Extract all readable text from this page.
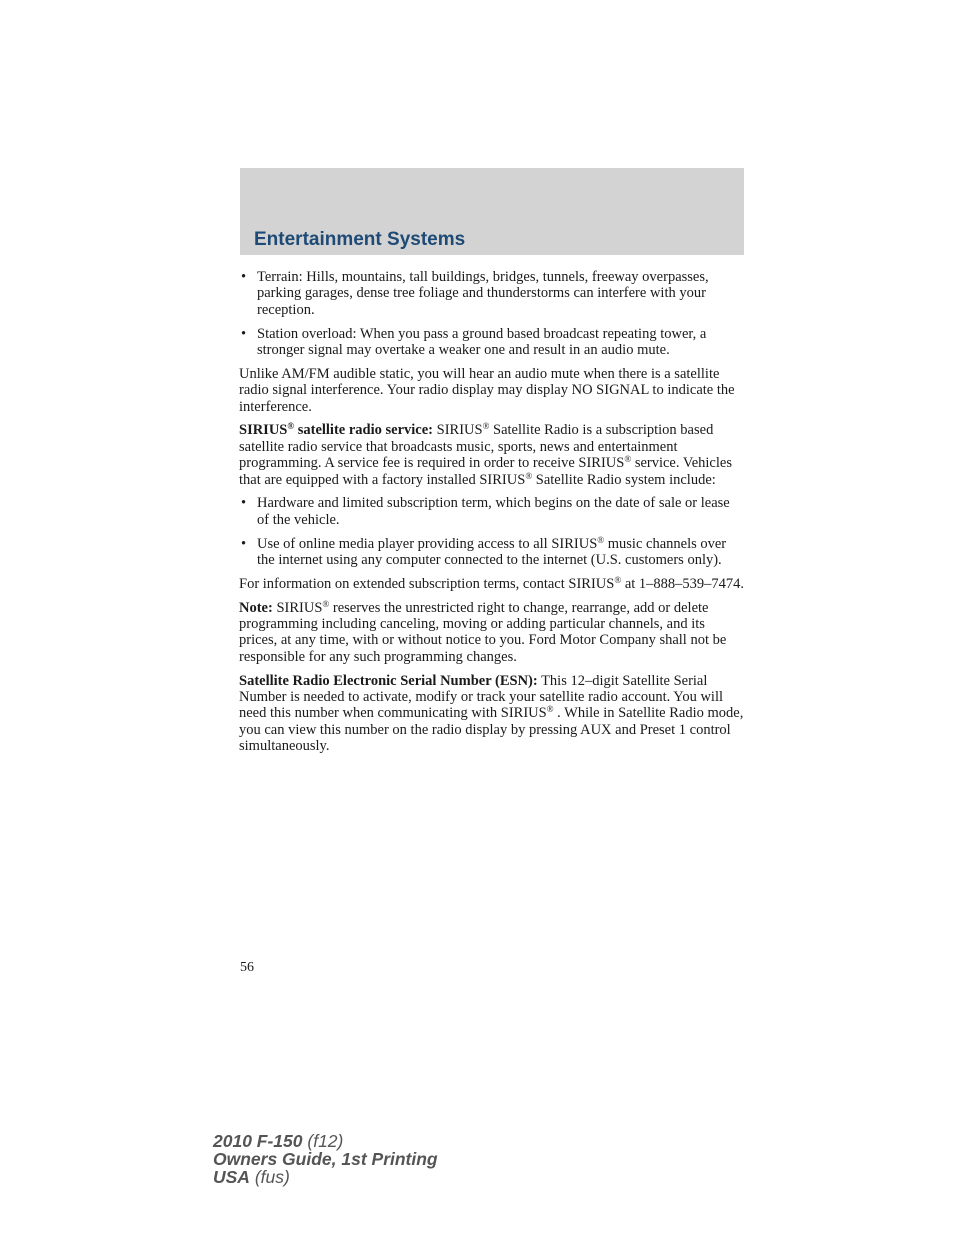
Entertainment Systems
• Terrain: Hills, mountains, tall buildings, bridges, tunnels, freeway overpasses, parking garages, dense tree foliage and thunderstorms can interfere with your reception.
• Station overload: When you pass a ground based broadcast repeating tower, a stronger signal may overtake a weaker one and result in an audio mute.

Unlike AM/FM audible static, you will hear an audio mute when there is a satellite radio signal interference. Your radio display may display NO SIGNAL to indicate the interference.

SIRIUS® satellite radio service: SIRIUS® Satellite Radio is a subscription based satellite radio service that broadcasts music, sports, news and entertainment programming. A service fee is required in order to receive SIRIUS® service. Vehicles that are equipped with a factory installed SIRIUS® Satellite Radio system include:

• Hardware and limited subscription term, which begins on the date of sale or lease of the vehicle.
• Use of online media player providing access to all SIRIUS® music channels over the internet using any computer connected to the internet (U.S. customers only).

For information on extended subscription terms, contact SIRIUS® at 1–888–539–7474.

Note: SIRIUS® reserves the unrestricted right to change, rearrange, add or delete programming including canceling, moving or adding particular channels, and its prices, at any time, with or without notice to you. Ford Motor Company shall not be responsible for any such programming changes.

Satellite Radio Electronic Serial Number (ESN): This 12–digit Satellite Serial Number is needed to activate, modify or track your satellite radio account. You will need this number when communicating with SIRIUS® . While in Satellite Radio mode, you can view this number on the radio display by pressing AUX and Preset 1 control simultaneously.

56
2010 F-150 (f12)
Owners Guide, 1st Printing
USA (fus)
